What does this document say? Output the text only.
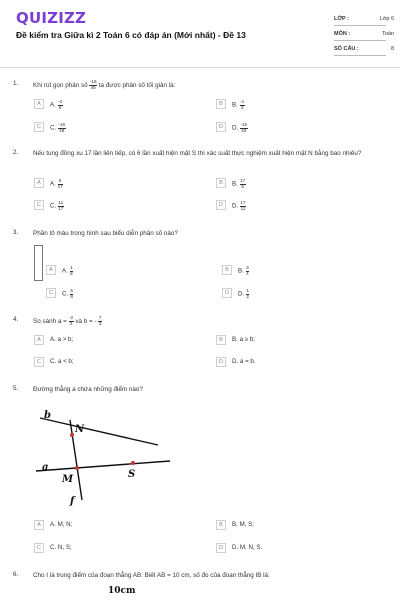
QUIZIZZ
Đề kiểm tra Giữa kì 2 Toán 6 có đáp án (Mới nhất) - Đề 13
LỚP :	Lớp 6
MÔN :	Toán
SỐ CÂU :	8
1.	Khi rút gọn phân số $\frac{-16}{48}$ ta được phân số tối giản là:
A	A. $\frac{-2}{6}$	B	B. $\frac{-1}{3}$
C	C. $\frac{-16}{48}$	D	D. $\frac{-16}{48}$
2.	Nếu tung đồng xu 17 lần liên tiếp, có 6 lần xuất hiện mặt S thì xác suất thực nghiệm xuất hiện mặt N bằng bao nhiêu?
A	A. $\frac{6}{17}$	B	B. $\frac{17}{6}$
C	C. $\frac{11}{17}$	D	D. $\frac{17}{11}$
3.	Phần tô màu trong hình sau biểu diễn phân số nào?
A	A. $\frac{1}{8}$	B	B. $\frac{3}{4}$
C	C. $\frac{5}{8}$	D	D. $\frac{1}{2}$
4.	So sánh $a = \frac{-2}{3}$ và b = - $\frac{7}{3}$
A	A. a > b;	B	B. a ≥ b;
C	C. a < b;	D	D. a = b.
5.	Đường thẳng a chứa những điểm nào?
b
N
a
M	S
f
A	A. M, N;	B	B. M, S;
C	C. N, S;	D	D. M, N, S.
6.	Cho I là trung điểm của đoạn thẳng AB. Biết AB = 10 cm, số đo của đoạn thẳng IB là:
10cm
